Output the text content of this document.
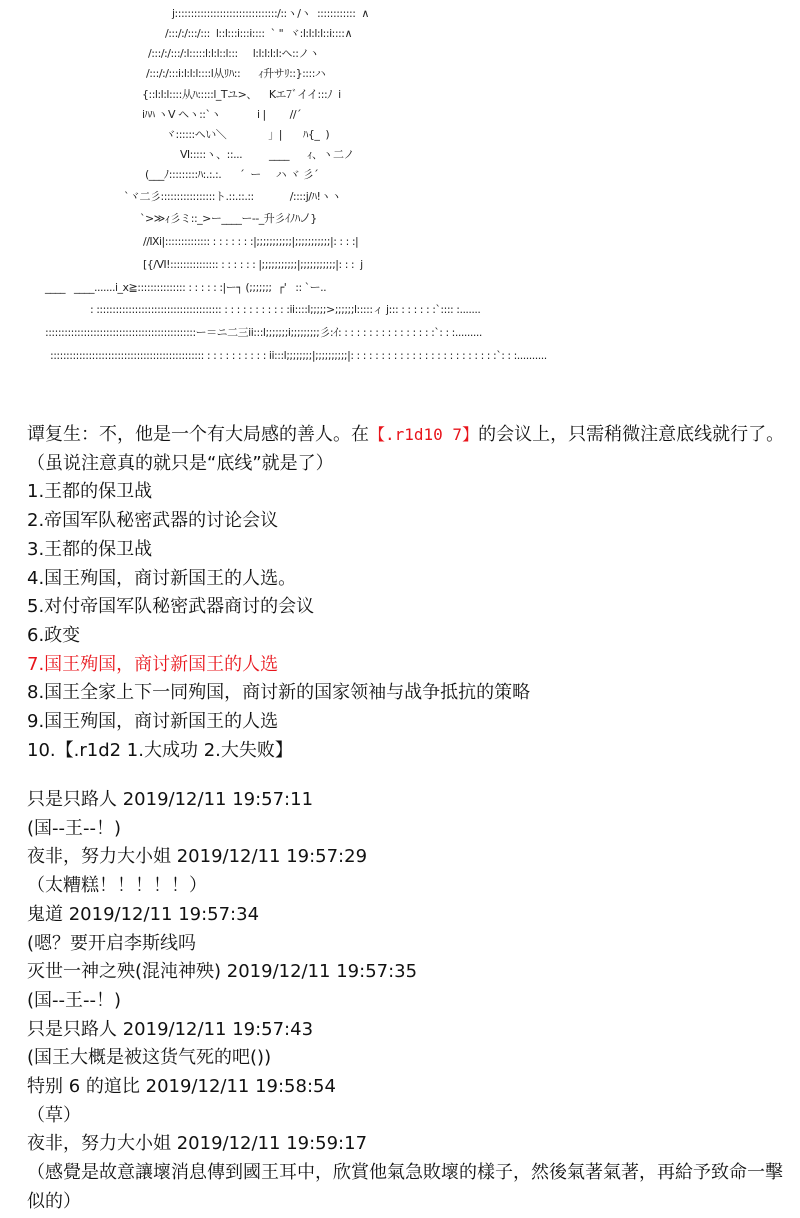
j::::::::::::::::::::::::::::::::/::ヽ/ヽ  ::::::::::::  ∧
/:::/:/:::/:::  l::l:::i:::i::::  ` "  ヾ:l:l:l:l::i::::∧
/:::/:/:::/:l:::::l:l:l::l:::     l:l:l:l:l:ヘ::ノヽ
/:::/:/:::i:l:l:l::::l从ﾘﾊ::      ｨ升サﾘ::}::::ハ
{::l:l:l::::从ﾊ:::::l_Tユ>、    Kエ7ﾞイイ:::ﾉ  i
iﾊﾊ ヽV ヘヽ::`ヽ            i |        //´
ヾ::::::ヘい＼              」|       ﾊ{_  )
Ⅵ:::::ヽ、::...         ____      ｨ、ヽ二ノ
(___ﾉ:::::::::ﾊ:.:.:.      ´  ー     ハ ヾ 彡´
`ヾ二彡:::::::::::::::::ト.::.::.::            /::::j/ﾊ!ヽヽ
`>≫ｨ彡ミ::_>ー____ー--_升彡ｲﾉﾊ㇢}
//Ⅸi|:::::::::::::: : : : : : : :|;;;;;;;;;;;|;;;;;;;;;;;|: : : :|
[{/Ⅵ!::::::::::::::: : : : : : : |;;;;;;;;;;;|;;;;;;;;;;;|: : :  j
____   ____.......i_x≧::::::::::::::: : : : : : :|ー┐ (;;;;;;;  ┌'   :: `ー..
: ::::::::::::::::::::::::::::::::::::::: : : : : : : : : : : :ii::::l;;;;;>;;;;;;l:::::ィ j::: : : : : : :`:::: :.......
:::::::::::::::::::::::::::::::::::::::::::::::ー＝ニ二三ii:::l;;;;;;;i;;;;;;;;;彡:ｲ: : : : : : : : : : : : : : : :`: : :.........
:::::::::::::::::::::::::::::::::::::::::::::::: : : : : : : : : : : ii:::l;;;;;;;;|;;;;;;;;;;|: : : : : : : : : : : : : : : : : : : : : : : :`: : :..........
谭复生：不，他是一个有大局感的善人。在【.r1d10 7】的会议上，只需稍微注意底线就行了。（虽说注意真的就只是“底线”就是了）
1.王都的保卫战
2.帝国军队秘密武器的讨论会议
3.王都的保卫战
4.国王殉国，商讨新国王的人选。
5.对付帝国军队秘密武器商讨的会议
6.政变
7.国王殉国，商讨新国王的人选
8.国王全家上下一同殉国，商讨新的国家领袖与战争抵抗的策略
9.国王殉国，商讨新国王的人选
10.【.r1d2 1.大成功 2.大失败】
只是只路人 2019/12/11 19:57:11
(国--王--！)
夜非，努力大小姐 2019/12/11 19:57:29
（太糟糕！！！！！）
鬼道 2019/12/11 19:57:34
(嗯？要开启李斯线吗
灭世一神之殃(混沌神殃) 2019/12/11 19:57:35
(国--王--！)
只是只路人 2019/12/11 19:57:43
(国王大概是被这货气死的吧())
特别 6 的逭比 2019/12/11 19:58:54
（草）
夜非，努力大小姐 2019/12/11 19:59:17
（感覺是故意讓壞消息傳到國王耳中，欣賞他氣急敗壞的樣子，然後氣著氣著，再給予致命一擊似的）
